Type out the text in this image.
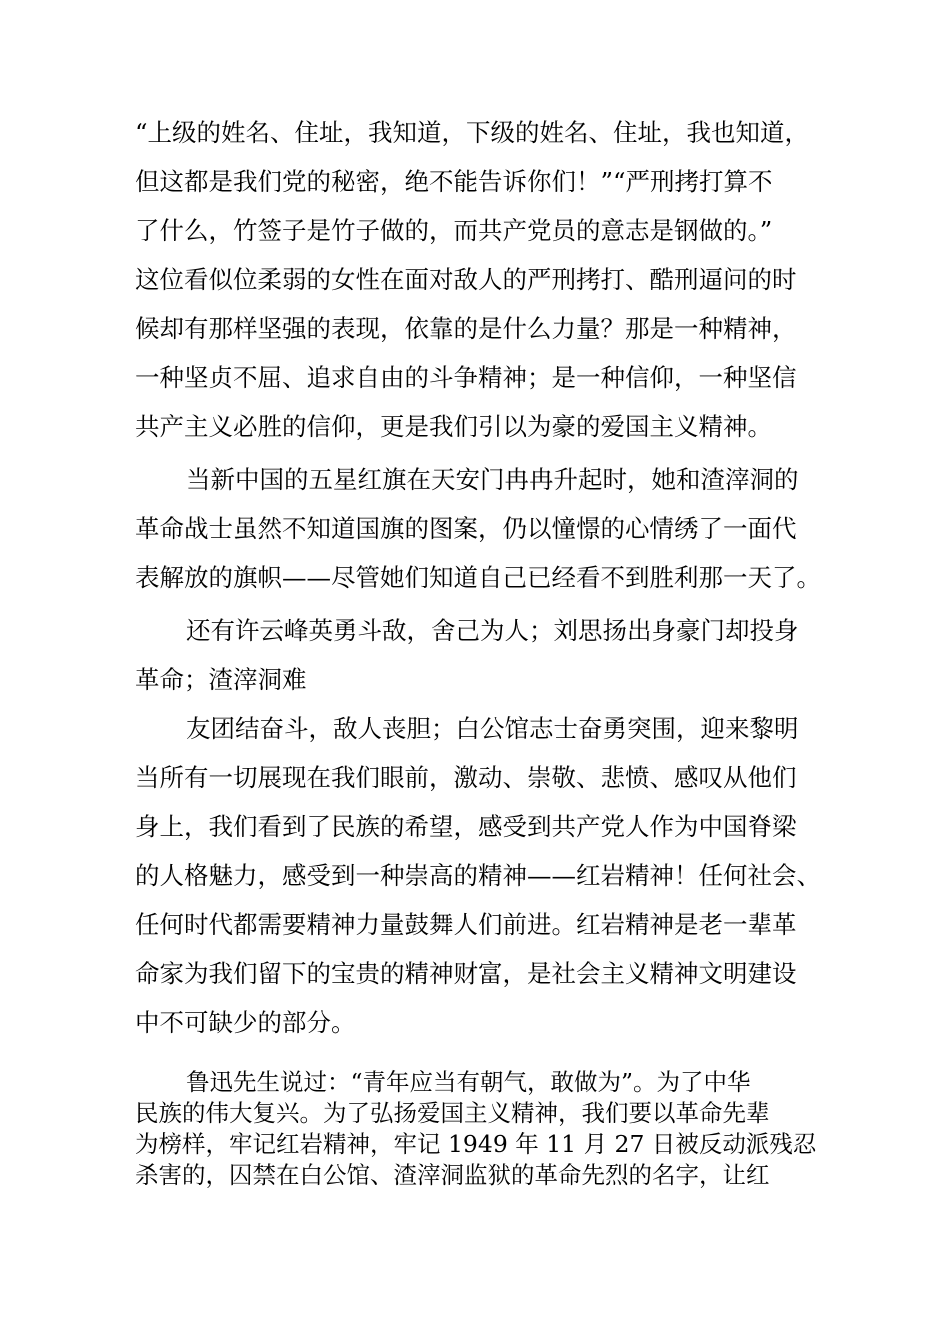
“上级的姓名、住址，我知道，下级的姓名、住址，我也知道，

但这都是我们党的秘密，绝不能告诉你们！”“严刑拷打算不

了什么，竹签子是竹子做的，而共产党员的意志是钢做的。”

这位看似位柔弱的女性在面对敌人的严刑拷打、酷刑逼问的时

候却有那样坚强的表现，依靠的是什么力量？那是一种精神，

一种坚贞不屈、追求自由的斗争精神；是一种信仰，一种坚信

共产主义必胜的信仰，更是我们引以为豪的爱国主义精神。

当新中国的五星红旗在天安门冉冉升起时，她和渣滓洞的

革命战士虽然不知道国旗的图案，仍以憧憬的心情绣了一面代

表解放的旗帜——尽管她们知道自己已经看不到胜利那一天了。

还有许云峰英勇斗敌，舍己为人；刘思扬出身豪门却投身

革命；渣滓洞难

友团结奋斗，敌人丧胆；白公馆志士奋勇突围，迎来黎明

当所有一切展现在我们眼前，激动、崇敬、悲愤、感叹从他们

身上，我们看到了民族的希望，感受到共产党人作为中国脊梁

的人格魅力，感受到一种崇高的精神——红岩精神！任何社会、

任何时代都需要精神力量鼓舞人们前进。红岩精神是老一辈革

命家为我们留下的宝贵的精神财富，是社会主义精神文明建设

中不可缺少的部分。

鲁迅先生说过：“青年应当有朝气，敢做为”。为了中华

民族的伟大复兴。为了弘扬爱国主义精神，我们要以革命先辈

为榜样，牢记红岩精神，牢记 1949 年 11 月 27 日被反动派残忍

杀害的，囚禁在白公馆、渣滓洞监狱的革命先烈的名字，让红
